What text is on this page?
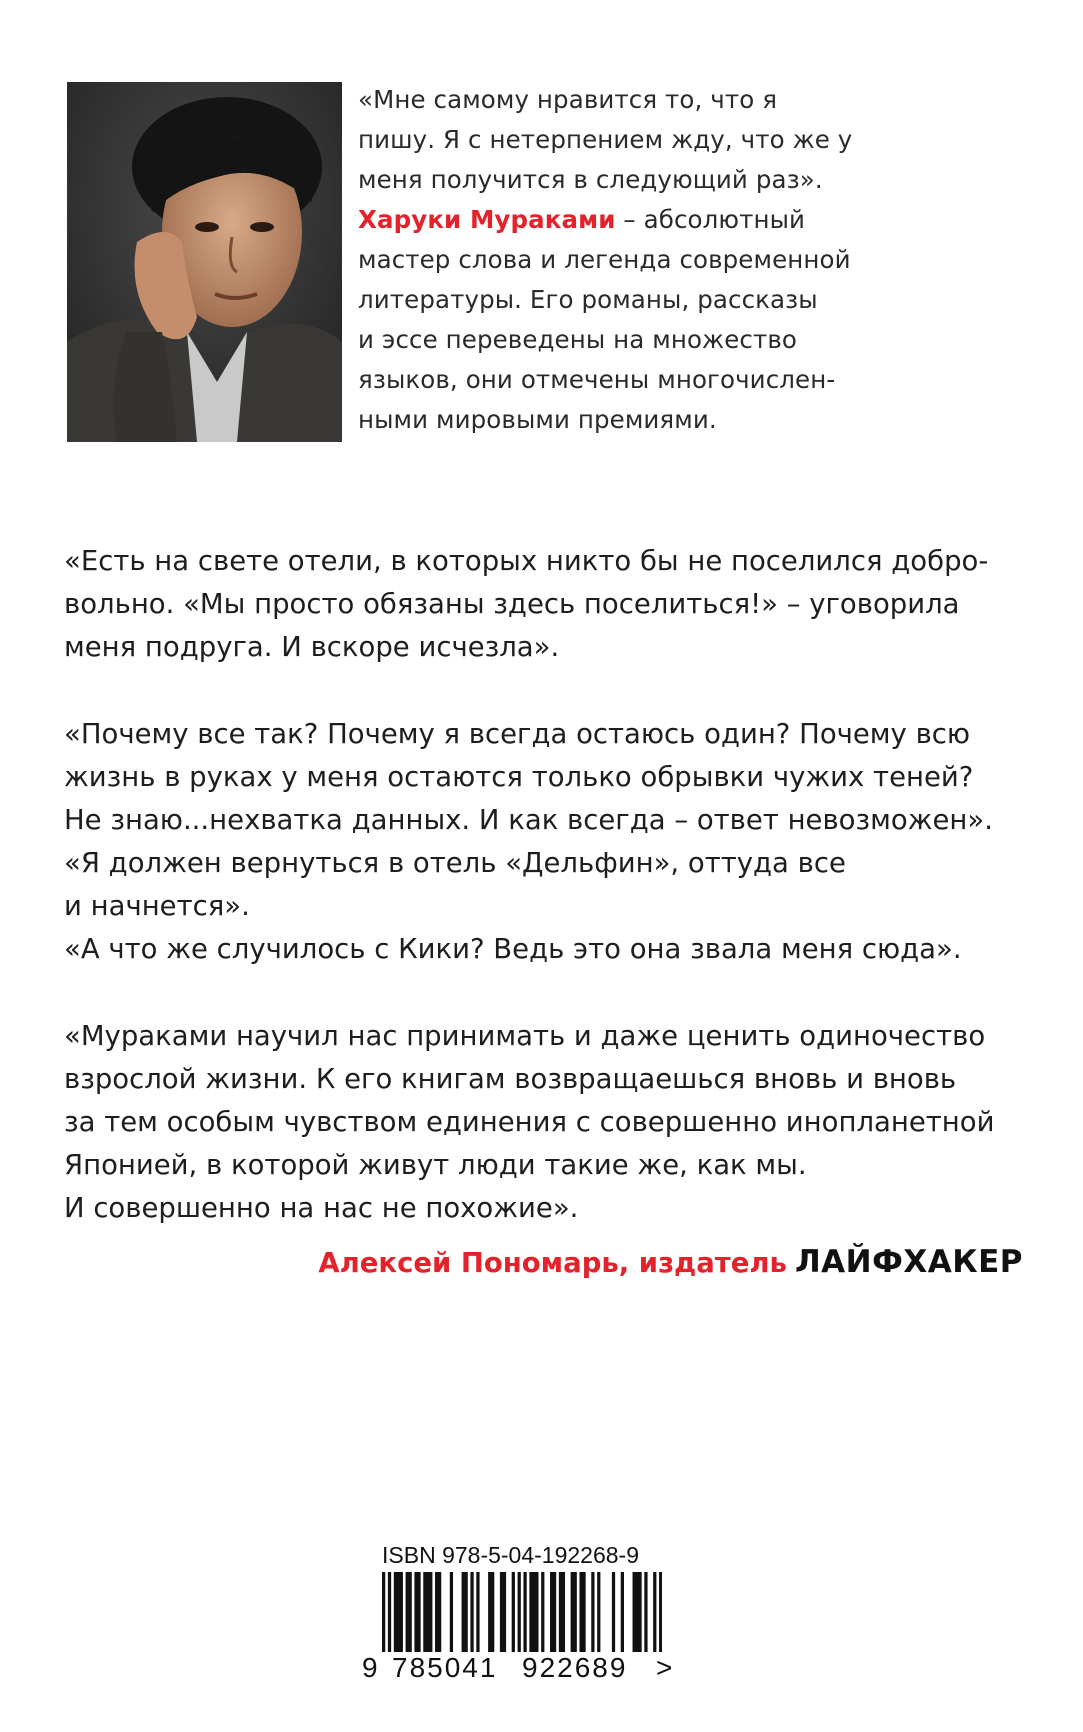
«Мне самому нравится то, что я
пишу. Я с нетерпением жду, что же у
меня получится в следующий раз».
Харуки Мураками – абсолютный
мастер слова и легенда современной
литературы. Его романы, рассказы
и эссе переведены на множество
языков, они отмечены многочислен-
ными мировыми премиями.
«Есть на свете отели, в которых никто бы не поселился добро-
вольно. «Мы просто обязаны здесь поселиться!» – уговорила
меня подруга. И вскоре исчезла».
«Почему все так? Почему я всегда остаюсь один? Почему всю
жизнь в руках у меня остаются только обрывки чужих теней?
Не знаю...нехватка данных. И как всегда – ответ невозможен».
«Я должен вернуться в отель «Дельфин», оттуда все
и начнется».
«А что же случилось с Кики? Ведь это она звала меня сюда».
«Мураками научил нас принимать и даже ценить одиночество
взрослой жизни. К его книгам возвращаешься вновь и вновь
за тем особым чувством единения с совершенно инопланетной
Японией, в которой живут люди такие же, как мы.
И совершенно на нас не похожие».
Алексей Пономарь, издатель ЛАЙФХАКЕР
ISBN 978-5-04-192268-9
9 785041 922689 >
